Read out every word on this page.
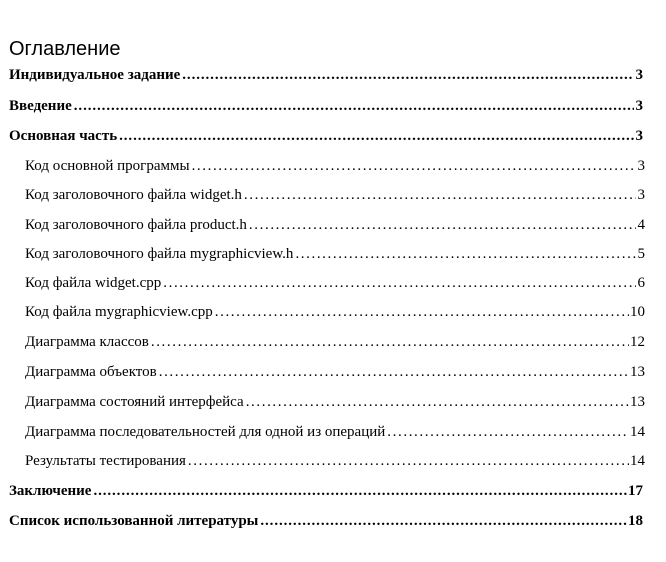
Оглавление
Индивидуальное задание .....	3
Введение .....	3
Основная часть .....	3
Код основной программы .....	3
Код заголовочного файла widget.h .....	3
Код заголовочного файла product.h .....	4
Код заголовочного файла mygraphicview.h .....	5
Код файла widget.cpp .....	6
Код файла mygraphicview.cpp .....	10
Диаграмма классов .....	12
Диаграмма объектов .....	13
Диаграмма состояний интерфейса .....	13
Диаграмма последовательностей для одной из операций .....	14
Результаты тестирования .....	14
Заключение .....	17
Список использованной литературы .....	18
